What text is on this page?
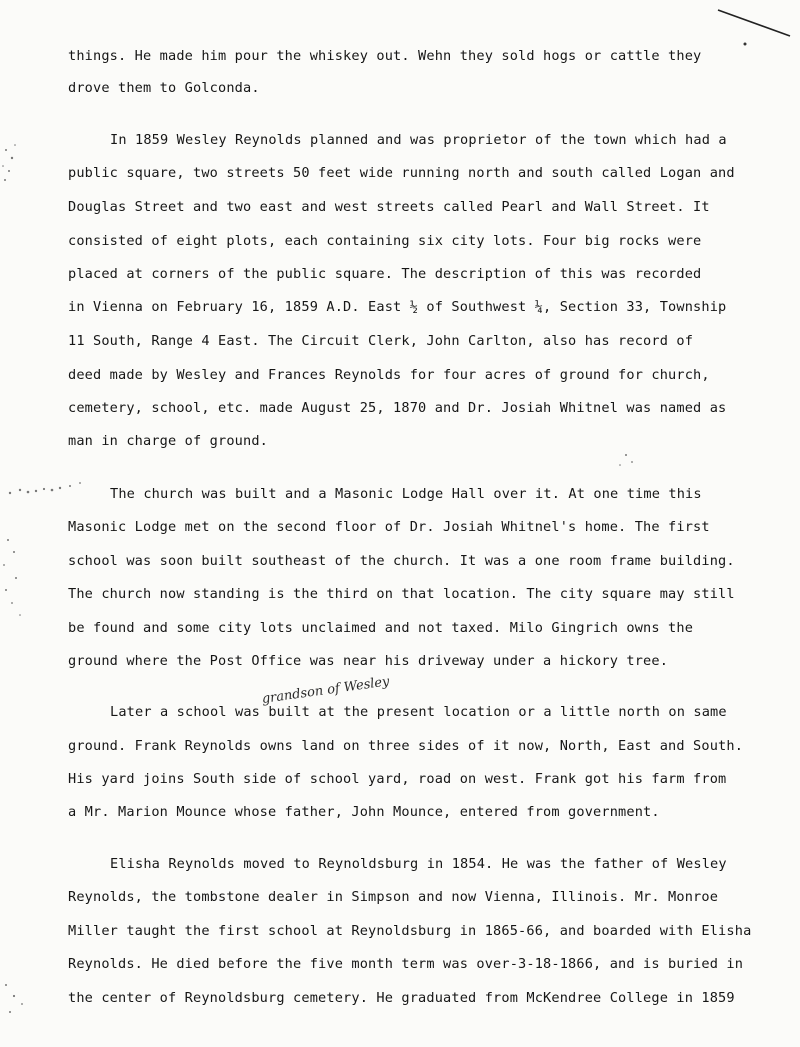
things. He made him pour the whiskey out. Wehn they sold hogs or cattle they
drove them to Golconda.
In 1859 Wesley Reynolds planned and was proprietor of the town which had a
public square, two streets 50 feet wide running north and south called Logan and
Douglas Street and two east and west streets called Pearl and Wall Street. It
consisted of eight plots, each containing six city lots. Four big rocks were
placed at corners of the public square. The description of this was recorded
in Vienna on February 16, 1859 A.D. East ½ of Southwest ¼, Section 33, Township
11 South, Range 4 East. The Circuit Clerk, John Carlton, also has record of
deed made by Wesley and Frances Reynolds for four acres of ground for church,
cemetery, school, etc. made August 25, 1870 and Dr. Josiah Whitnel was named as
man in charge of ground.
The church was built and a Masonic Lodge Hall over it. At one time this
Masonic Lodge met on the second floor of Dr. Josiah Whitnel's home. The first
school was soon built southeast of the church. It was a one room frame building.
The church now standing is the third on that location. The city square may still
be found and some city lots unclaimed and not taxed. Milo Gingrich owns the
ground where the Post Office was near his driveway under a hickory tree.
Later a school was built at the present location or a little north on same
grandson of Wesley
ground. Frank Reynolds owns land on three sides of it now, North, East and South.
His yard joins South side of school yard, road on west. Frank got his farm from
a Mr. Marion Mounce whose father, John Mounce, entered from government.
Elisha Reynolds moved to Reynoldsburg in 1854. He was the father of Wesley
Reynolds, the tombstone dealer in Simpson and now Vienna, Illinois. Mr. Monroe
Miller taught the first school at Reynoldsburg in 1865-66, and boarded with Elisha
Reynolds. He died before the five month term was over-3-18-1866, and is buried in
the center of Reynoldsburg cemetery. He graduated from McKendree College in 1859
